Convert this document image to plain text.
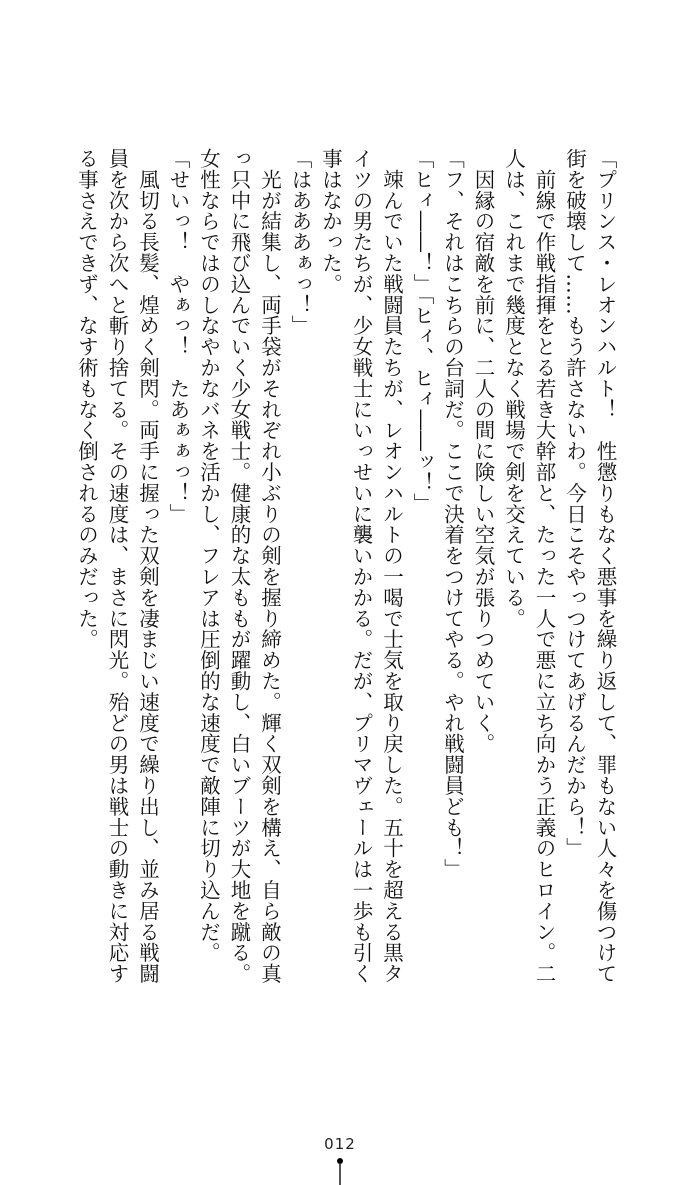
「プリンス・レオンハルト！　性懲りもなく悪事を繰り返して、罪もない人々を傷つけて
街を破壊して……もう許さないわ。今日こそやっつけてあげるんだから！」
　前線で作戦指揮をとる若き大幹部と、たった一人で悪に立ち向かう正義のヒロイン。二
人は、これまで幾度となく戦場で剣を交えている。
　因縁の宿敵を前に、二人の間に険しい空気が張りつめていく。
「フ、それはこちらの台詞だ。ここで決着をつけてやる。やれ戦闘員ども！」
「ヒィ――！」「ヒィ、ヒィ――ッ！」
　竦んでいた戦闘員たちが、レオンハルトの一喝で士気を取り戻した。五十を超える黒タ
イツの男たちが、少女戦士にいっせいに襲いかかる。だが、プリマヴェールは一歩も引く
事はなかった。
「はあああぁっ！」
　光が結集し、両手袋がそれぞれ小ぶりの剣を握り締めた。輝く双剣を構え、自ら敵の真
っ只中に飛び込んでいく少女戦士。健康的な太ももが躍動し、白いブーツが大地を蹴る。
女性ならではのしなやかなバネを活かし、フレアは圧倒的な速度で敵陣に切り込んだ。
「せいっ！　やぁっ！　たあぁぁっ！」
　風切る長髪、煌めく剣閃。両手に握った双剣を凄まじい速度で繰り出し、並み居る戦闘
員を次から次へと斬り捨てる。その速度は、まさに閃光。殆どの男は戦士の動きに対応す
る事さえできず、なす術もなく倒されるのみだった。
012
